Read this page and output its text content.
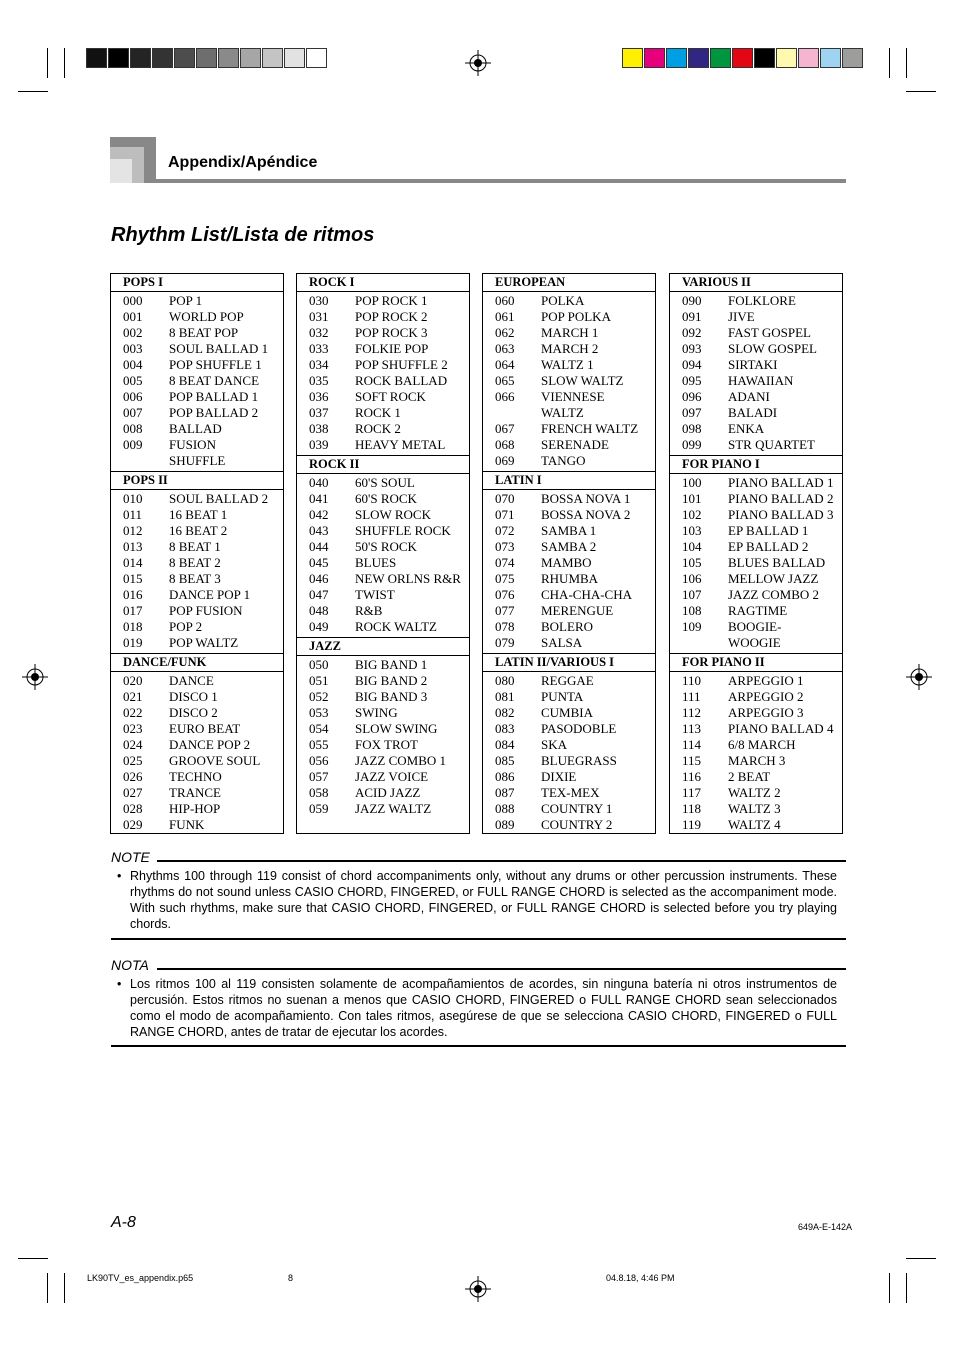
Appendix/Apéndice
Rhythm List/Lista de ritmos
POPS I
000	POP 1
001	WORLD POP
002	8 BEAT POP
003	SOUL BALLAD 1
004	POP SHUFFLE 1
005	8 BEAT DANCE
006	POP BALLAD 1
007	POP BALLAD 2
008	BALLAD
009	FUSION
SHUFFLE
POPS II
010	SOUL BALLAD 2
011	16 BEAT 1
012	16 BEAT 2
013	8 BEAT 1
014	8 BEAT 2
015	8 BEAT 3
016	DANCE POP 1
017	POP FUSION
018	POP 2
019	POP WALTZ
DANCE/FUNK
020	DANCE
021	DISCO 1
022	DISCO 2
023	EURO BEAT
024	DANCE POP 2
025	GROOVE SOUL
026	TECHNO
027	TRANCE
028	HIP-HOP
029	FUNK
ROCK I
030	POP ROCK 1
031	POP ROCK 2
032	POP ROCK 3
033	FOLKIE POP
034	POP SHUFFLE 2
035	ROCK BALLAD
036	SOFT ROCK
037	ROCK 1
038	ROCK 2
039	HEAVY METAL
ROCK II
040	60'S SOUL
041	60'S ROCK
042	SLOW ROCK
043	SHUFFLE ROCK
044	50'S ROCK
045	BLUES
046	NEW ORLNS R&R
047	TWIST
048	R&B
049	ROCK WALTZ
JAZZ
050	BIG BAND 1
051	BIG BAND 2
052	BIG BAND 3
053	SWING
054	SLOW SWING
055	FOX TROT
056	JAZZ COMBO 1
057	JAZZ VOICE
058	ACID JAZZ
059	JAZZ WALTZ
EUROPEAN
060	POLKA
061	POP POLKA
062	MARCH 1
063	MARCH 2
064	WALTZ 1
065	SLOW WALTZ
066	VIENNESE
WALTZ
067	FRENCH WALTZ
068	SERENADE
069	TANGO
LATIN I
070	BOSSA NOVA 1
071	BOSSA NOVA 2
072	SAMBA 1
073	SAMBA 2
074	MAMBO
075	RHUMBA
076	CHA-CHA-CHA
077	MERENGUE
078	BOLERO
079	SALSA
LATIN II/VARIOUS I
080	REGGAE
081	PUNTA
082	CUMBIA
083	PASODOBLE
084	SKA
085	BLUEGRASS
086	DIXIE
087	TEX-MEX
088	COUNTRY 1
089	COUNTRY 2
VARIOUS II
090	FOLKLORE
091	JIVE
092	FAST GOSPEL
093	SLOW GOSPEL
094	SIRTAKI
095	HAWAIIAN
096	ADANI
097	BALADI
098	ENKA
099	STR QUARTET
FOR PIANO I
100	PIANO BALLAD 1
101	PIANO BALLAD 2
102	PIANO BALLAD 3
103	EP BALLAD 1
104	EP BALLAD 2
105	BLUES BALLAD
106	MELLOW JAZZ
107	JAZZ COMBO 2
108	RAGTIME
109	BOOGIE-
WOOGIE
FOR PIANO II
110	ARPEGGIO 1
111	ARPEGGIO 2
112	ARPEGGIO 3
113	PIANO BALLAD 4
114	6/8 MARCH
115	MARCH 3
116	2 BEAT
117	WALTZ 2
118	WALTZ 3
119	WALTZ 4
NOTE
• Rhythms 100 through 119 consist of chord accompaniments only, without any drums or other percussion instruments. These rhythms do not sound unless CASIO CHORD, FINGERED, or FULL RANGE CHORD is selected as the accompaniment mode. With such rhythms, make sure that CASIO CHORD, FINGERED, or FULL RANGE CHORD is selected before you try playing chords.
NOTA
• Los ritmos 100 al 119 consisten solamente de acompañamientos de acordes, sin ninguna batería ni otros instrumentos de percusión. Estos ritmos no suenan a menos que CASIO CHORD, FINGERED o FULL RANGE CHORD sean seleccionados como el modo de acompañamiento. Con tales ritmos, asegúrese de que se selecciona CASIO CHORD, FINGERED o FULL RANGE CHORD, antes de tratar de ejecutar los acordes.
A-8	649A-E-142A
LK90TV_es_appendix.p65	8	04.8.18, 4:46 PM
